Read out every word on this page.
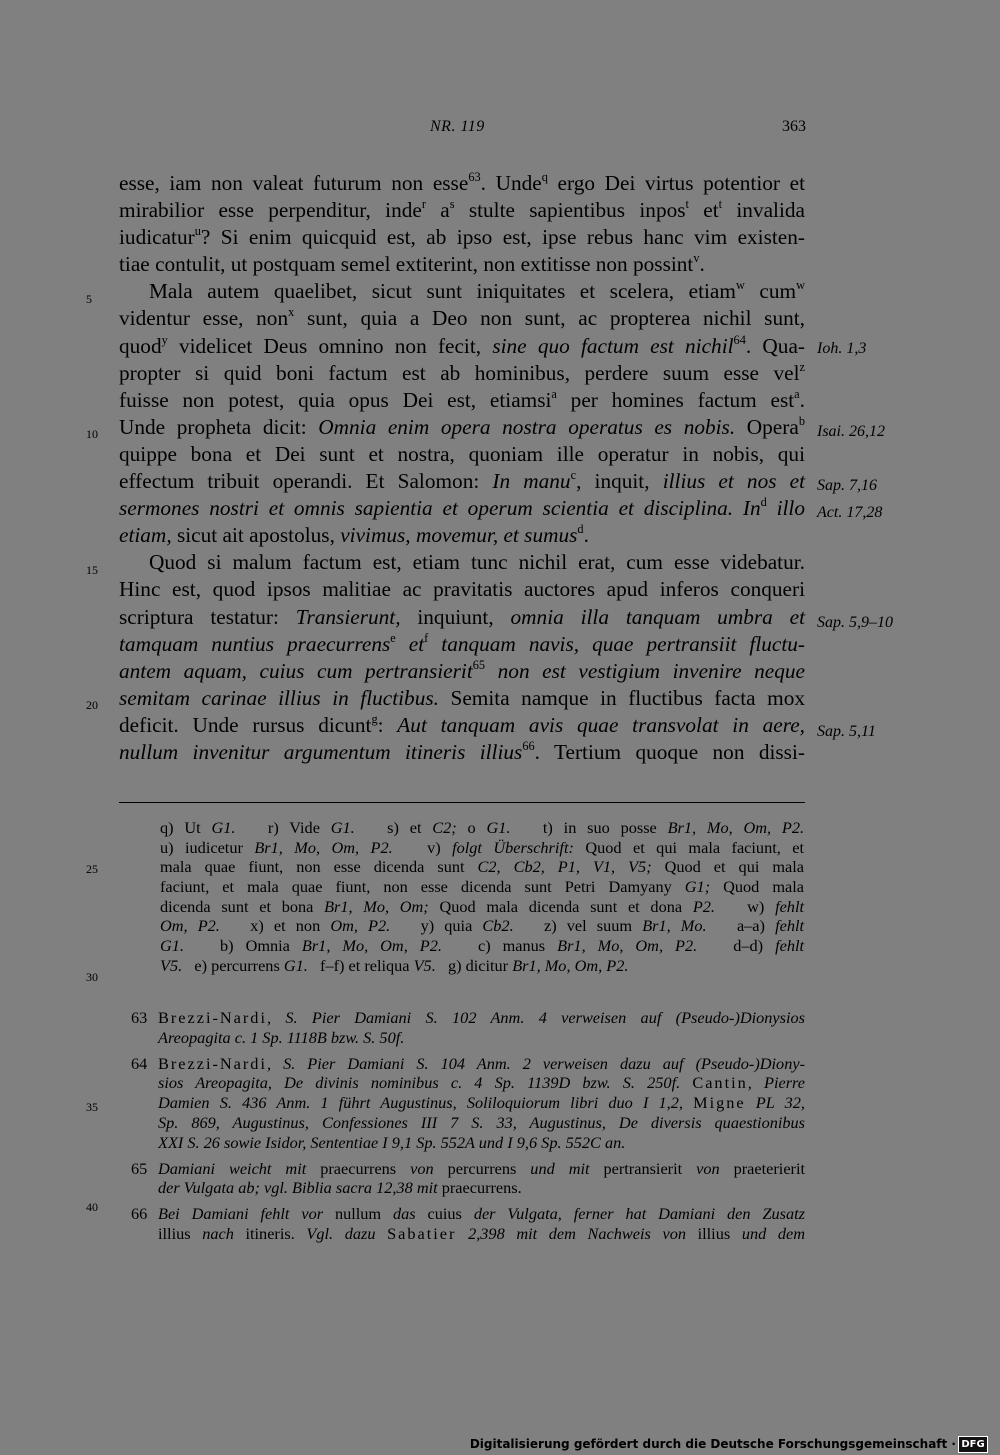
NR. 119	363
esse, iam non valeat futurum non esse$^{63}$. Unde$^q$ ergo Dei virtus potentior et
mirabilior esse perpenditur, inde$^r$ $a^s$ stulte sapientibus inpos$^t$ $et^t$ invalida
iudicatur$^u$? Si enim quicquid est, ab ipso est, ipse rebus hanc vim existen-
tiae contulit, ut postquam semel extiterint, non extitisse non possint$^v$.
Mala autem quaelibet, sicut sunt iniquitates et scelera, etiam$^w$ cum$^w$
videntur esse, non$^x$ sunt, quia a Deo non sunt, ac propterea nichil sunt,
quod$^y$ videlicet Deus omnino non fecit, sine quo factum est nichil$^{64}$. Qua-
propter si quid boni factum est ab hominibus, perdere suum esse vel$^z$
fuisse non potest, quia opus Dei est, etiamsi$^a$ per homines factum est$^a$.
Unde propheta dicit: Omnia enim opera nostra operatus es nobis. Opera$^b$
quippe bona et Dei sunt et nostra, quoniam ille operatur in nobis, qui
effectum tribuit operandi. Et Salomon: In manu$^c$, inquit, illius et nos et
sermones nostri et omnis sapientia et operum scientia et disciplina. In$^d$ illo
etiam, sicut ait apostolus, vivimus, movemur, et sumus$^d$.
Quod si malum factum est, etiam tunc nichil erat, cum esse videbatur.
Hinc est, quod ipsos malitiae ac pravitatis auctores apud inferos conqueri
scriptura testatur: Transierunt, inquiunt, omnia illa tanquam umbra et
tamquam nuntius praecurrens$^e$ $et^f$ tanquam navis, quae pertransiit fluctu-
antem aquam, cuius cum pertransierit$^{65}$ non est vestigium invenire neque
semitam carinae illius in fluctibus. Semita namque in fluctibus facta mox
deficit. Unde rursus dicunt$^g$: Aut tanquam avis quae transvolat in aere,
nullum invenitur argumentum itineris illius$^{66}$. Tertium quoque non dissi-
5
10
15
20
Ioh. 1,3
Isai. 26,12
Sap. 7,16
Act. 17,28
Sap. 5,9–10
Sap. 5,11
q) Ut G1.   r) Vide G1.   s) et C2; o G1.   t) in suo posse Br1, Mo, Om, P2.
u) iudicetur Br1, Mo, Om, P2.   v) folgt Überschrift: Quod et qui mala faciunt, et
mala quae fiunt, non esse dicenda sunt C2, Cb2, P1, V1, V5; Quod et qui mala
faciunt, et mala quae fiunt, non esse dicenda sunt Petri Damyany G1; Quod mala
dicenda sunt et bona Br1, Mo, Om; Quod mala dicenda sunt et dona P2.   w) fehlt
Om, P2.   x) et non Om, P2.   y) quia Cb2.   z) vel suum Br1, Mo.   a–a) fehlt
G1.   b) Omnia Br1, Mo, Om, P2.   c) manus Br1, Mo, Om, P2.   d–d) fehlt
V5.   e) percurrens G1.   f–f) et reliqua V5.   g) dicitur Br1, Mo, Om, P2.
25
30
63 Brezzi-Nardi, S. Pier Damiani S. 102 Anm. 4 verweisen auf (Pseudo-)Dionysios
Areopagita c. 1 Sp. 1118B bzw. S. 50f.
64 Brezzi-Nardi, S. Pier Damiani S. 104 Anm. 2 verweisen dazu auf (Pseudo-)Diony-
sios Areopagita, De divinis nominibus c. 4 Sp. 1139D bzw. S. 250f. Cantin, Pierre
Damien S. 436 Anm. 1 führt Augustinus, Soliloquiorum libri duo I 1,2, Migne PL 32,
Sp. 869, Augustinus, Confessiones III 7 S. 33, Augustinus, De diversis quaestionibus
XXI S. 26 sowie Isidor, Sententiae I 9,1 Sp. 552A und I 9,6 Sp. 552C an.
65 Damiani weicht mit praecurrens von percurrens und mit pertransierit von praeterierit
der Vulgata ab; vgl. Biblia sacra 12,38 mit praecurrens.
66 Bei Damiani fehlt vor nullum das cuius der Vulgata, ferner hat Damiani den Zusatz
illius nach itineris. Vgl. dazu Sabatier 2,398 mit dem Nachweis von illius und dem
35
40
Digitalisierung gefördert durch die Deutsche Forschungsgemeinschaft · DFG
